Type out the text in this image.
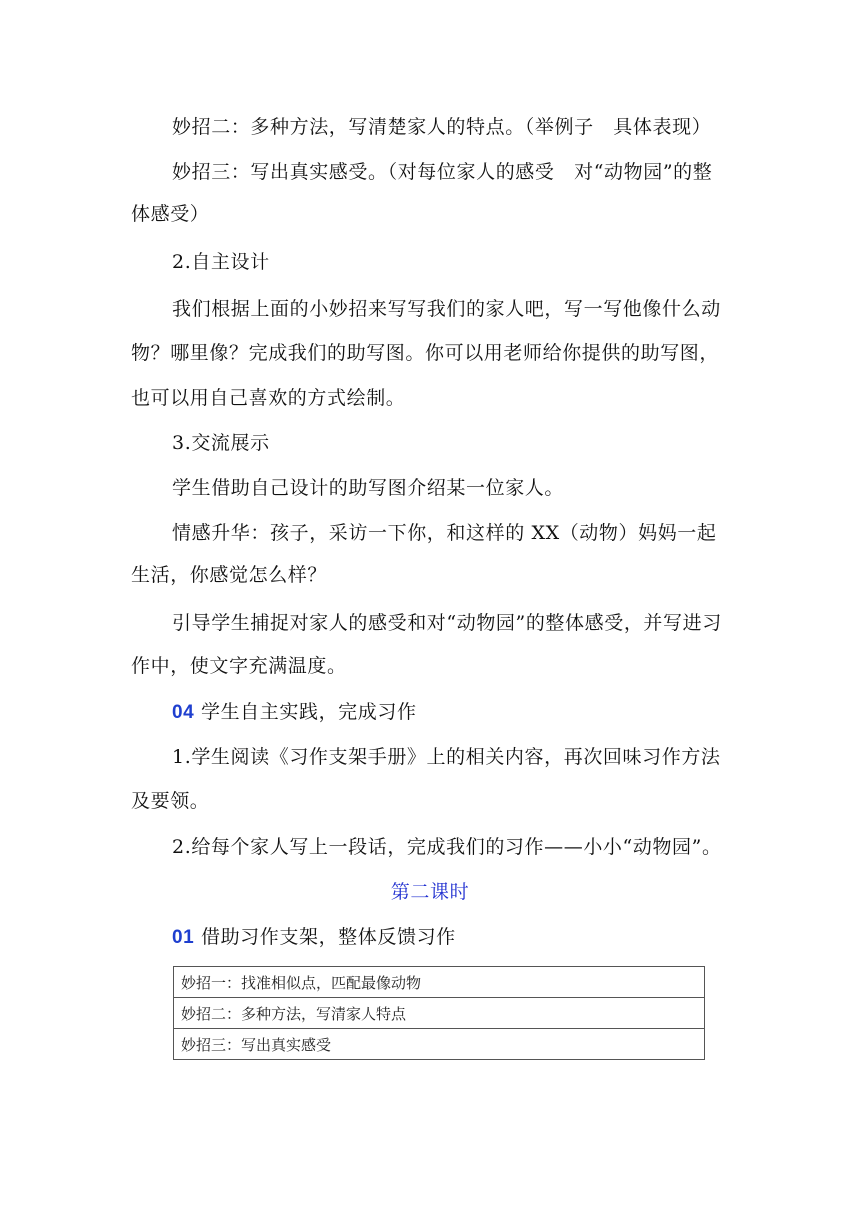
妙招二：多种方法，写清楚家人的特点。（举例子　具体表现）
妙招三：写出真实感受。（对每位家人的感受　对“动物园”的整
体感受）
2.自主设计
我们根据上面的小妙招来写写我们的家人吧，写一写他像什么动
物？哪里像？完成我们的助写图。你可以用老师给你提供的助写图，
也可以用自己喜欢的方式绘制。
3.交流展示
学生借助自己设计的助写图介绍某一位家人。
情感升华：孩子，采访一下你，和这样的 XX（动物）妈妈一起
生活，你感觉怎么样？
引导学生捕捉对家人的感受和对“动物园”的整体感受，并写进习
作中，使文字充满温度。
04 学生自主实践，完成习作
1.学生阅读《习作支架手册》上的相关内容，再次回味习作方法
及要领。
2.给每个家人写上一段话，完成我们的习作——小小“动物园”。
第二课时
01 借助习作支架，整体反馈习作
妙招一：找准相似点，匹配最像动物
妙招二：多种方法，写清家人特点
妙招三：写出真实感受
